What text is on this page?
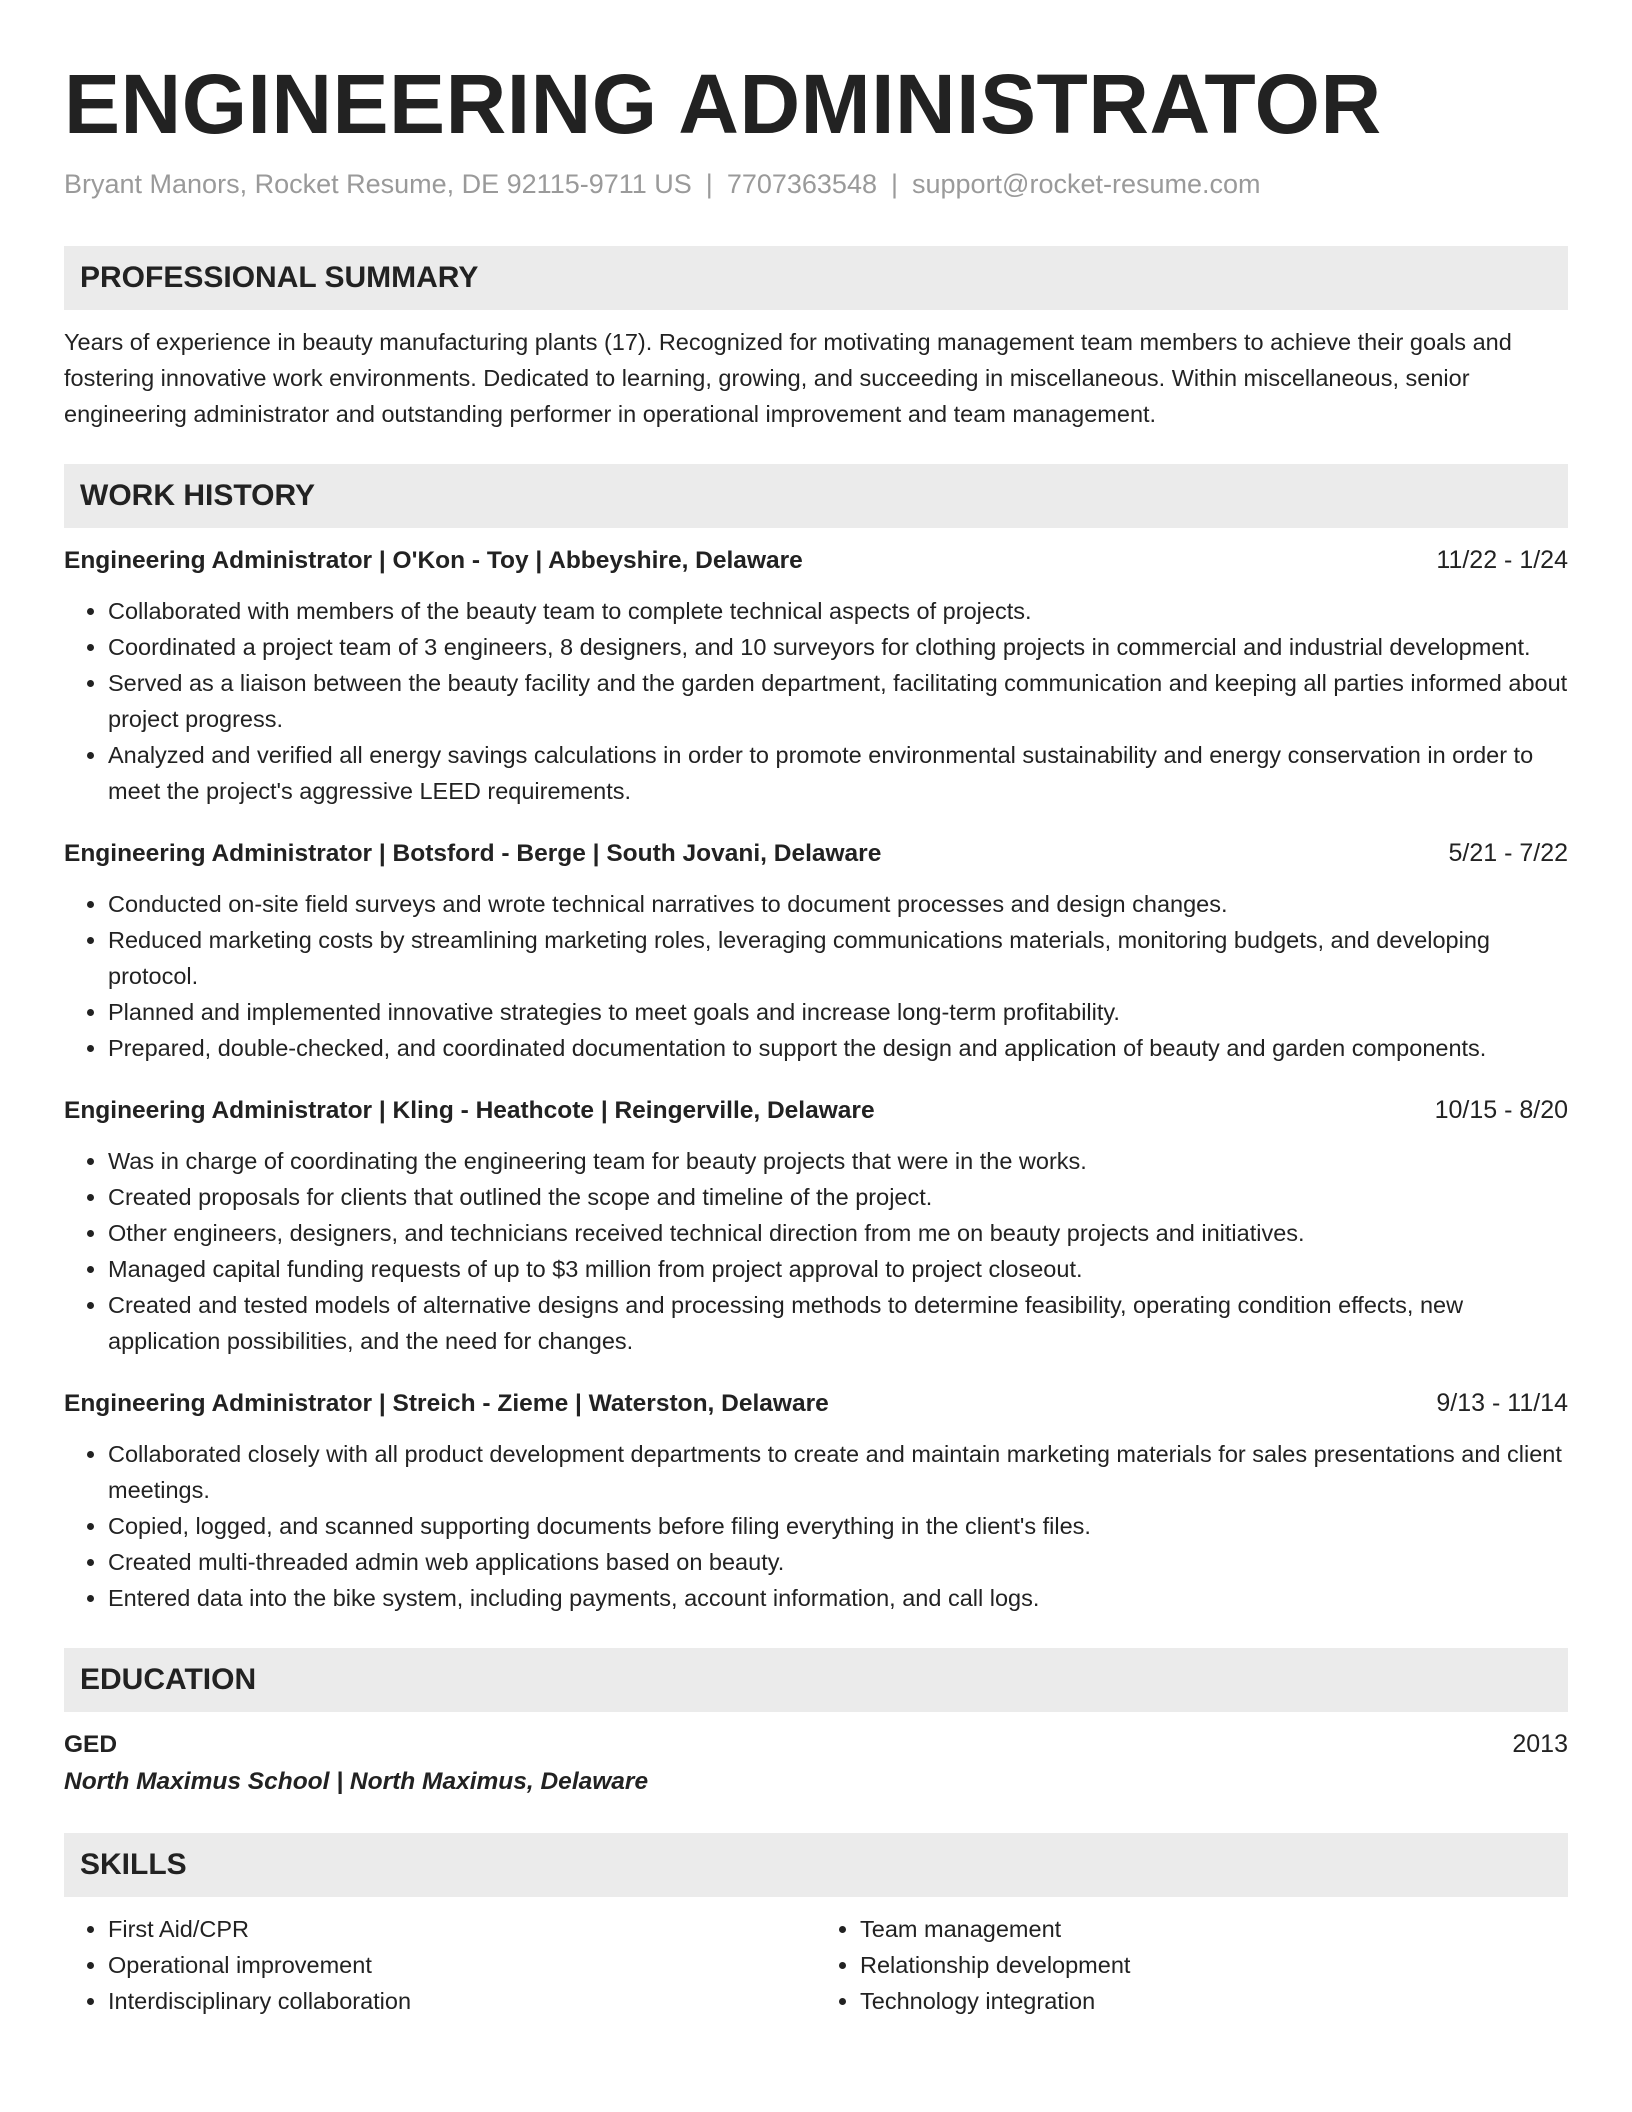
ENGINEERING ADMINISTRATOR
Bryant Manors, Rocket Resume, DE 92115-9711 US | 7707363548 | support@rocket-resume.com
PROFESSIONAL SUMMARY
Years of experience in beauty manufacturing plants (17). Recognized for motivating management team members to achieve their goals and fostering innovative work environments. Dedicated to learning, growing, and succeeding in miscellaneous. Within miscellaneous, senior engineering administrator and outstanding performer in operational improvement and team management.
WORK HISTORY
Engineering Administrator | O'Kon - Toy | Abbeyshire, Delaware	11/22 - 1/24
• Collaborated with members of the beauty team to complete technical aspects of projects.
• Coordinated a project team of 3 engineers, 8 designers, and 10 surveyors for clothing projects in commercial and industrial development.
• Served as a liaison between the beauty facility and the garden department, facilitating communication and keeping all parties informed about project progress.
• Analyzed and verified all energy savings calculations in order to promote environmental sustainability and energy conservation in order to meet the project's aggressive LEED requirements.
Engineering Administrator | Botsford - Berge | South Jovani, Delaware	5/21 - 7/22
• Conducted on-site field surveys and wrote technical narratives to document processes and design changes.
• Reduced marketing costs by streamlining marketing roles, leveraging communications materials, monitoring budgets, and developing protocol.
• Planned and implemented innovative strategies to meet goals and increase long-term profitability.
• Prepared, double-checked, and coordinated documentation to support the design and application of beauty and garden components.
Engineering Administrator | Kling - Heathcote | Reingerville, Delaware	10/15 - 8/20
• Was in charge of coordinating the engineering team for beauty projects that were in the works.
• Created proposals for clients that outlined the scope and timeline of the project.
• Other engineers, designers, and technicians received technical direction from me on beauty projects and initiatives.
• Managed capital funding requests of up to $3 million from project approval to project closeout.
• Created and tested models of alternative designs and processing methods to determine feasibility, operating condition effects, new application possibilities, and the need for changes.
Engineering Administrator | Streich - Zieme | Waterston, Delaware	9/13 - 11/14
• Collaborated closely with all product development departments to create and maintain marketing materials for sales presentations and client meetings.
• Copied, logged, and scanned supporting documents before filing everything in the client's files.
• Created multi-threaded admin web applications based on beauty.
• Entered data into the bike system, including payments, account information, and call logs.
EDUCATION
GED	2013
North Maximus School | North Maximus, Delaware
SKILLS
• First Aid/CPR
• Operational improvement
• Interdisciplinary collaboration
• Team management
• Relationship development
• Technology integration
